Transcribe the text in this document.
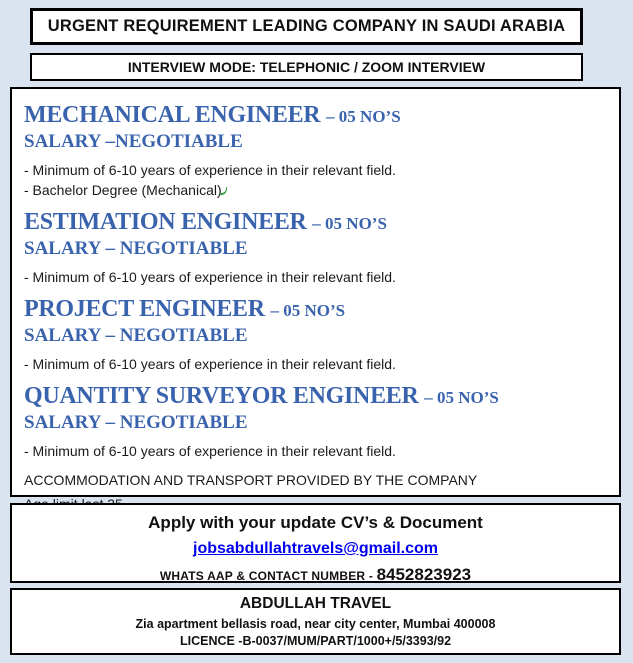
URGENT REQUIREMENT LEADING COMPANY IN SAUDI ARABIA
INTERVIEW MODE: TELEPHONIC / ZOOM INTERVIEW
MECHANICAL ENGINEER – 05 NO’S
SALARY –NEGOTIABLE
- Minimum of 6-10 years of experience in their relevant field.
- Bachelor Degree (Mechanical)
ESTIMATION ENGINEER – 05 NO’S
SALARY – NEGOTIABLE
- Minimum of 6-10 years of experience in their relevant field.
PROJECT ENGINEER – 05 NO’S
SALARY – NEGOTIABLE
- Minimum of 6-10 years of experience in their relevant field.
QUANTITY SURVEYOR ENGINEER – 05 NO’S
SALARY – NEGOTIABLE
- Minimum of 6-10 years of experience in their relevant field.
ACCOMMODATION AND TRANSPORT PROVIDED BY THE COMPANY
Apply with your update CV’s & Document
jobsabdullahtravels@gmail.com
WHATS AAP & CONTACT NUMBER - 8452823923
ABDULLAH TRAVEL
Zia apartment bellasis road, near city center, Mumbai 400008
LICENCE -B-0037/MUM/PART/1000+/5/3393/92
